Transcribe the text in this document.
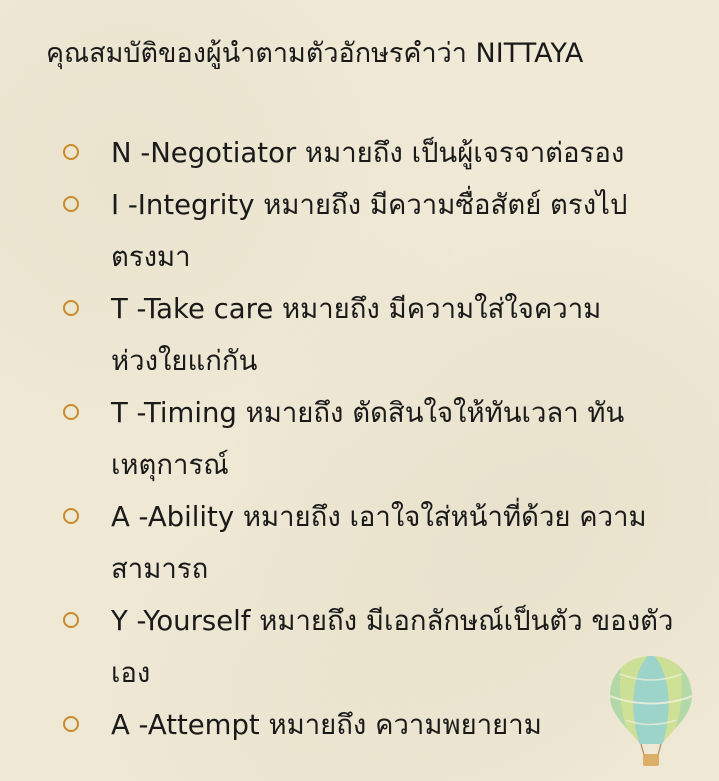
คุณสมบัติของผู้นำตามตัวอักษรคำว่า NITTAYA
N -Negotiator หมายถึง เป็นผู้เจรจาต่อรอง
I -Integrity หมายถึง มีความซื่อสัตย์ ตรงไป ตรงมา
T -Take care หมายถึง มีความใส่ใจความ ห่วงใยแก่กัน
T -Timing หมายถึง ตัดสินใจให้ทันเวลา ทันเหตุการณ์
A -Ability หมายถึง เอาใจใส่หน้าที่ด้วย ความสามารถ
Y -Yourself หมายถึง มีเอกลักษณ์เป็นตัว ของตัวเอง
A -Attempt หมายถึง ความพยายาม
